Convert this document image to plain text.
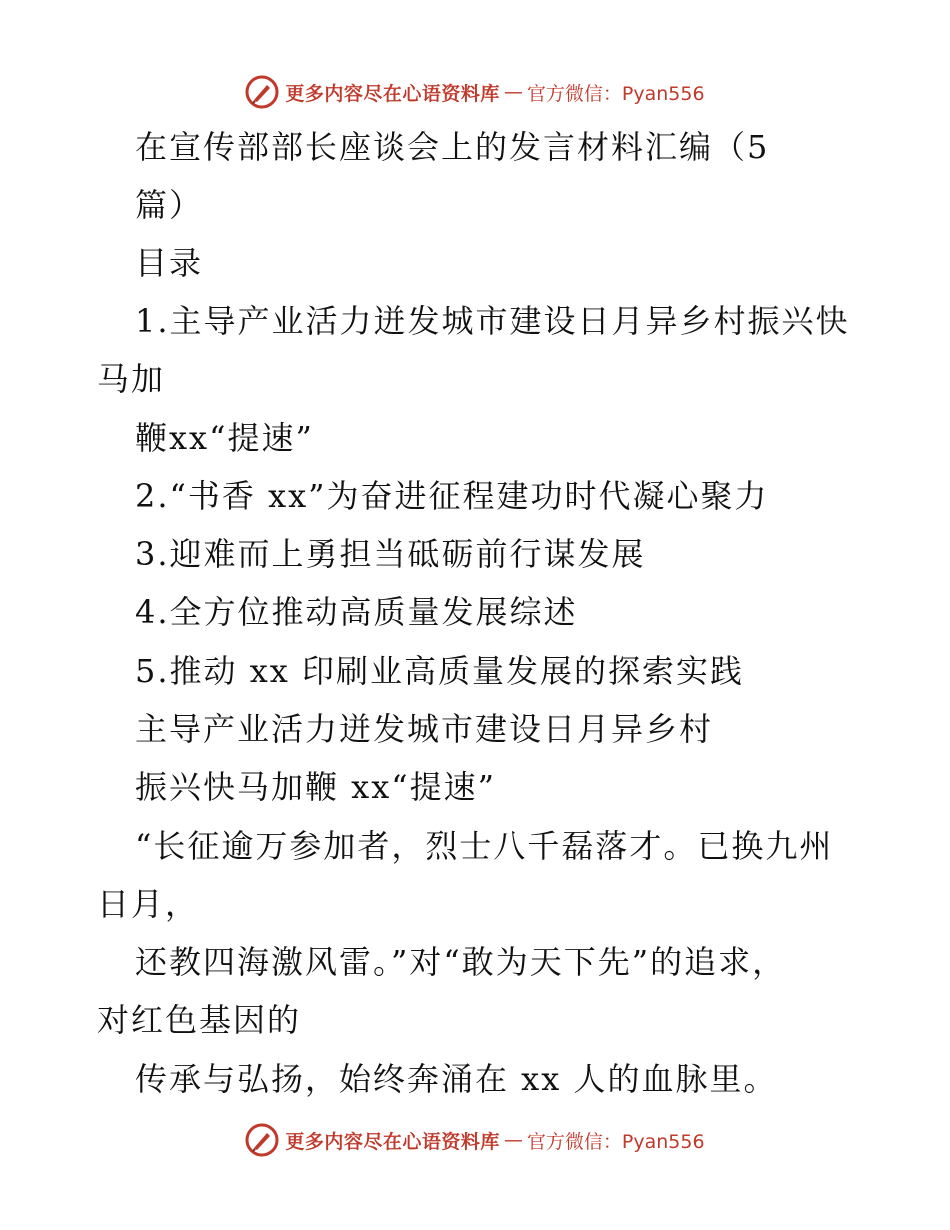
更多内容尽在心语资料库 — 官方微信：Pyan556
在宣传部部长座谈会上的发言材料汇编（5
篇）
目录
1.主导产业活力迸发城市建设日月异乡村振兴快
马加
鞭xx“提速”
2.“书香 xx”为奋进征程建功时代凝心聚力
3.迎难而上勇担当砥砺前行谋发展
4.全方位推动高质量发展综述
5.推动 xx 印刷业高质量发展的探索实践
主导产业活力迸发城市建设日月异乡村
振兴快马加鞭 xx“提速”
“长征逾万参加者，烈士八千磊落才。已换九州
日月，
还教四海激风雷。”对“敢为天下先”的追求，
对红色基因的
传承与弘扬，始终奔涌在 xx 人的血脉里。
更多内容尽在心语资料库 — 官方微信：Pyan556
